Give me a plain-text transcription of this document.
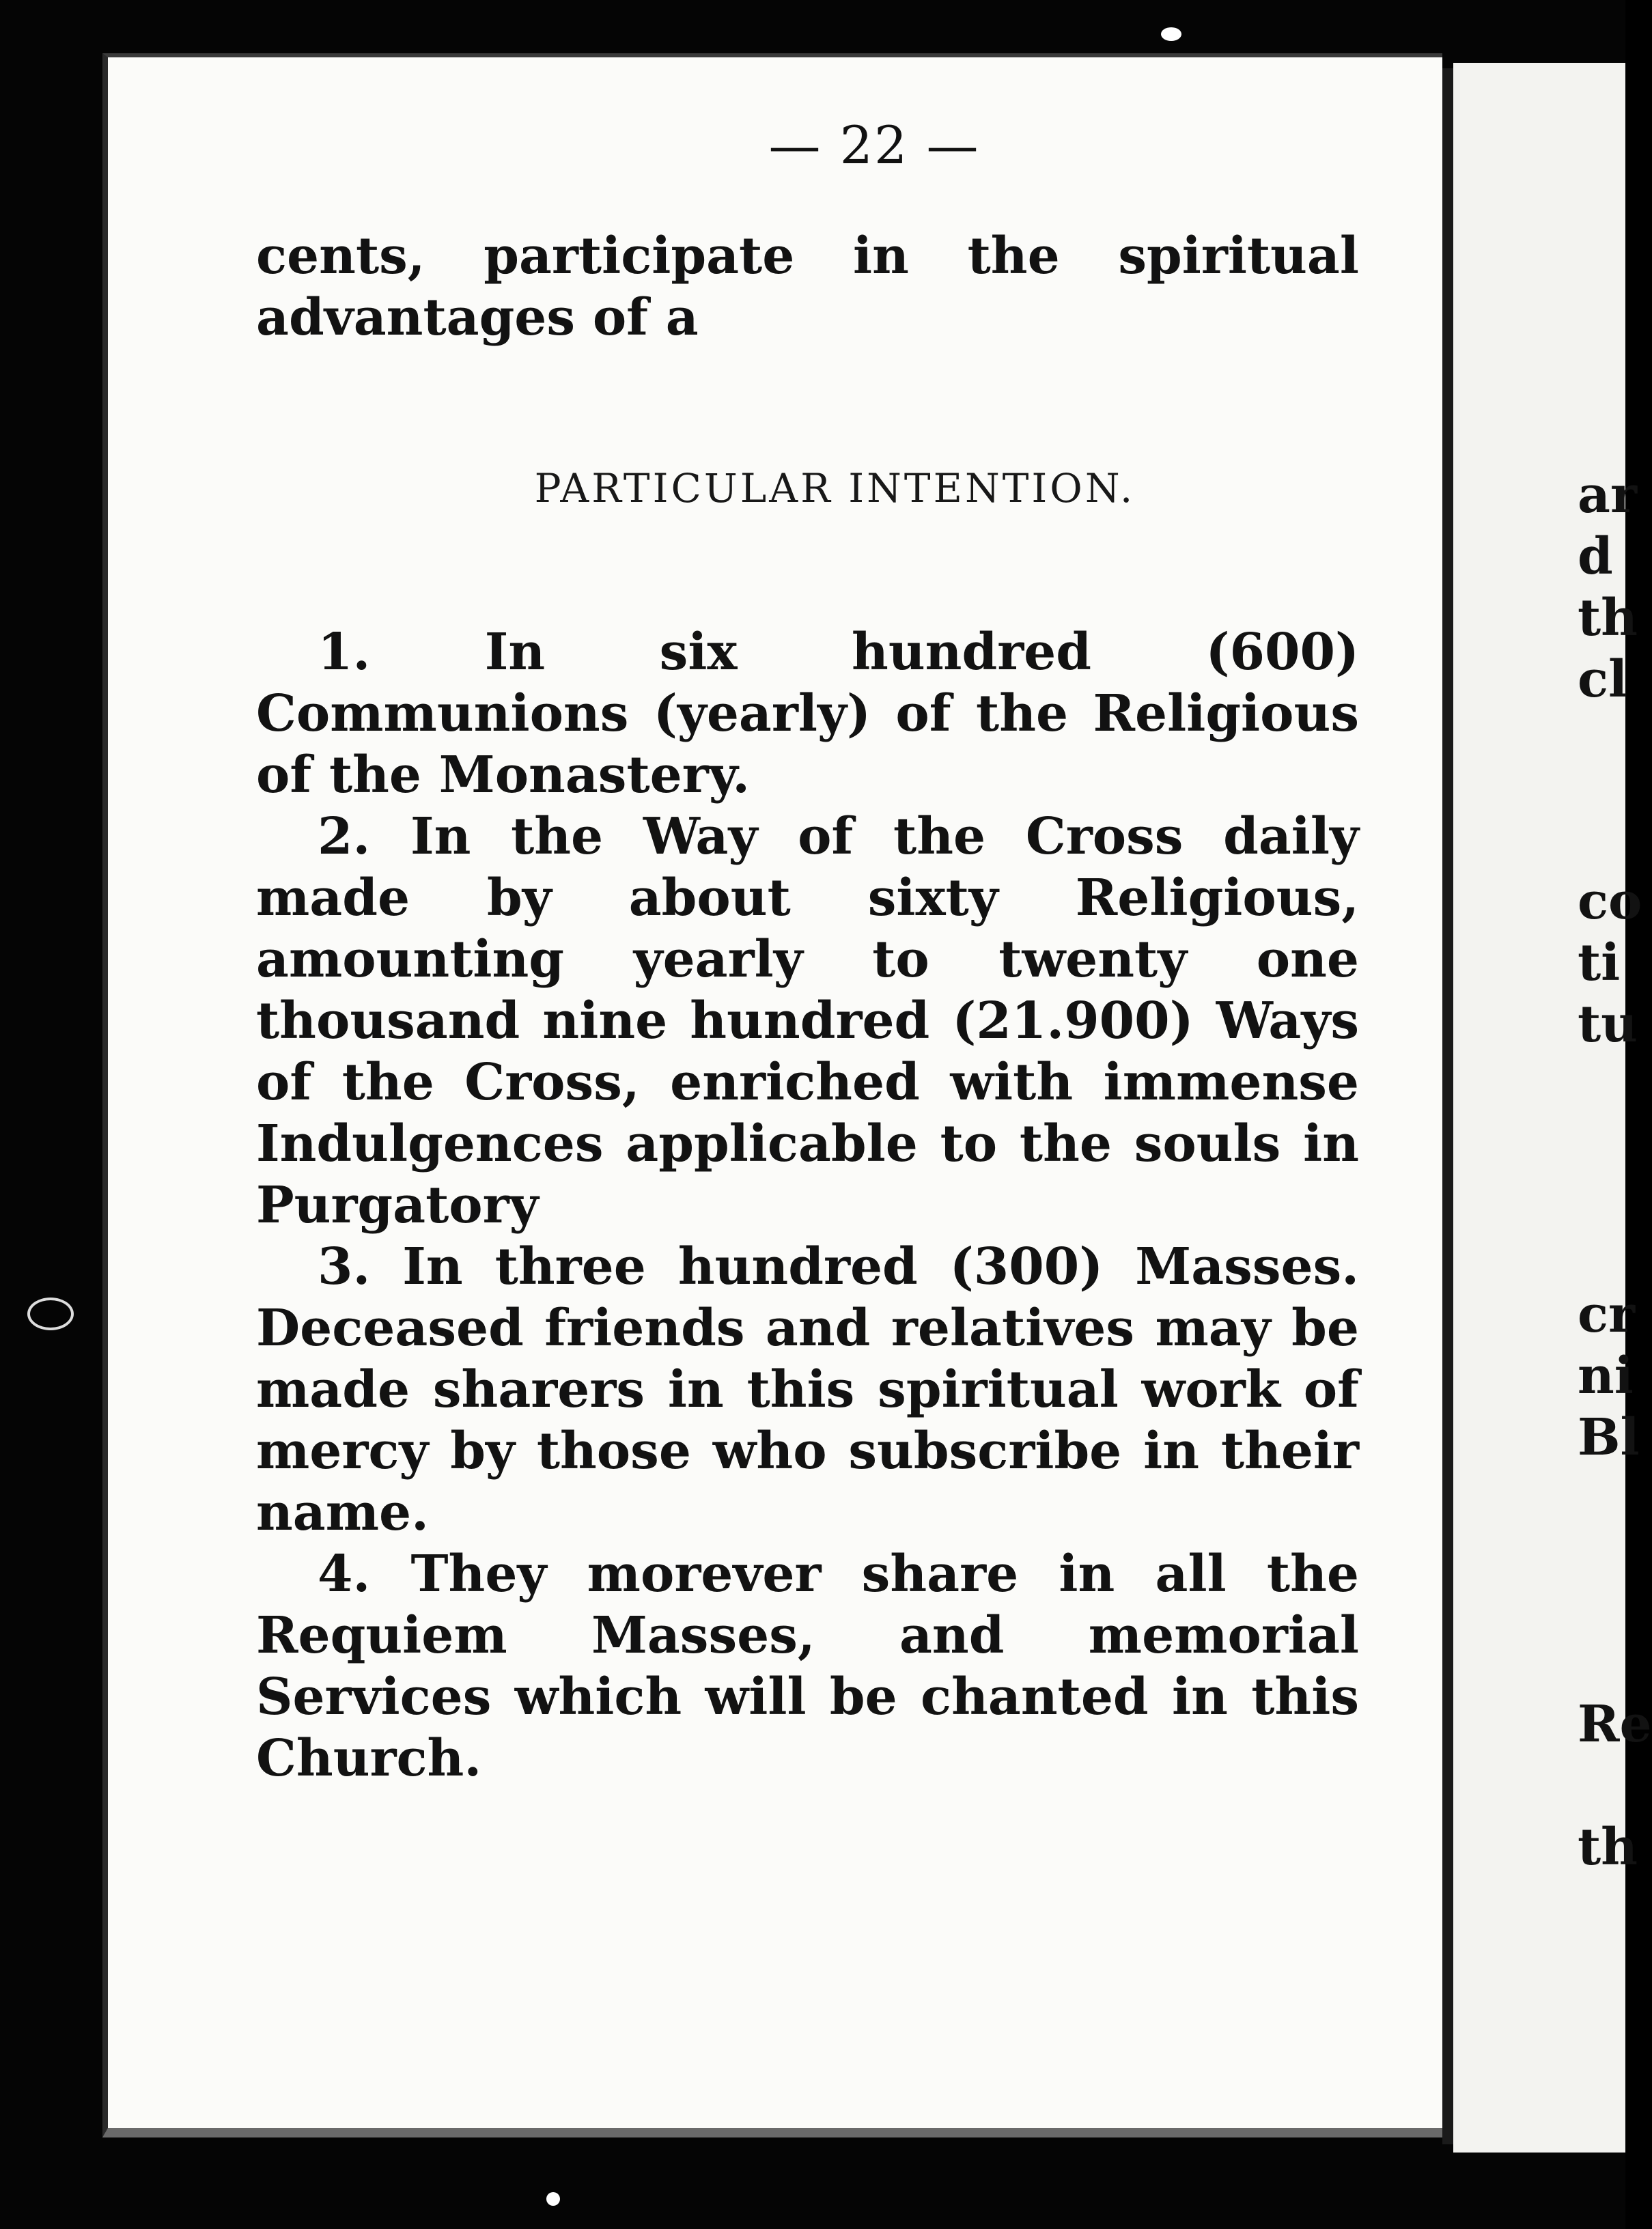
— 22 —

cents, participate in the spiritual advantages of a

PARTICULAR INTENTION.

1. In six hundred (600) Communions (yearly) of the Religious of the Monastery.

2. In the Way of the Cross daily made by about sixty Religious, amounting yearly to twenty one thousand nine hundred (21.900) Ways of the Cross, enriched with immense Indulgences applicable to the souls in Purgatory

3. In three hundred (300) Masses. Deceased friends and relatives may be made sharers in this spiritual work of mercy by those who subscribe in their name.

4. They morever share in all the Requiem Masses, and memorial Services which will be chanted in this Church.

ar
d
th
cl
co
ti
tu
cr
ni
Bl
Re
th
